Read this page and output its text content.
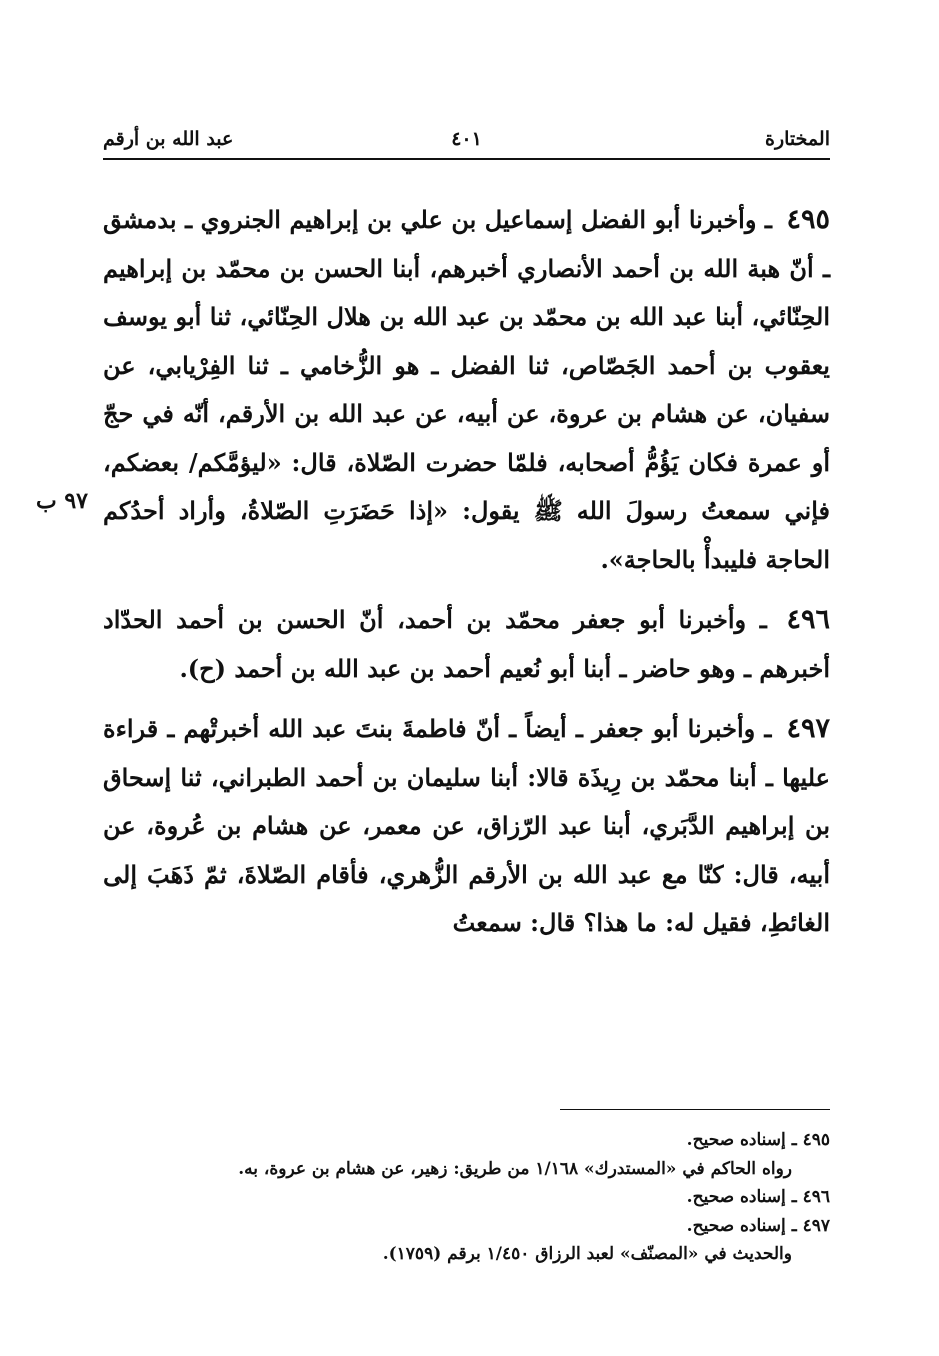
المختارة
٤٠١
عبد الله بن أرقم
٩٧ ب

٤٩٥ ـ وأخبرنا أبو الفضل إسماعيل بن علي بن إبراهيم الجنروي ـ بدمشق ـ أنّ هبة الله بن أحمد الأنصاري أخبرهم، أبنا الحسن بن محمّد بن إبراهيم الحِنّائي، أبنا عبد الله بن محمّد بن عبد الله بن هلال الحِنّائي، ثنا أبو يوسف يعقوب بن أحمد الجَصّاص، ثنا الفضل ـ هو الزُّخامي ـ ثنا الفِرْيابي، عن سفيان، عن هشام بن عروة، عن أبيه، عن عبد الله بن الأرقم، أنّه في حجّ أو عمرة فكان يَؤُمُّ أصحابه، فلمّا حضرت الصّلاة، قال: «ليؤمَّكم/ بعضكم، فإني سمعتُ رسولَ الله ﷺ يقول: «إذا حَضَرَتِ الصّلاةُ، وأراد أحدُكم الحاجة فليبدأْ بالحاجة».

٤٩٦ ـ وأخبرنا أبو جعفر محمّد بن أحمد، أنّ الحسن بن أحمد الحدّاد أخبرهم ـ وهو حاضر ـ أبنا أبو نُعيم أحمد بن عبد الله بن أحمد (ح).

٤٩٧ ـ وأخبرنا أبو جعفر ـ أيضاً ـ أنّ فاطمةَ بنتَ عبد الله أخبرتْهم ـ قراءة عليها ـ أبنا محمّد بن رِيذَة قالا: أبنا سليمان بن أحمد الطبراني، ثنا إسحاق بن إبراهيم الدَّبَري، أبنا عبد الرّزاق، عن معمر، عن هشام بن عُروة، عن أبيه، قال: كنّا مع عبد الله بن الأرقم الزُّهري، فأقام الصّلاةَ، ثمّ ذَهَبَ إلى الغائطِ، فقيل له: ما هذا؟ قال: سمعتُ

٤٩٥ ـ إسناده صحيح.

رواه الحاكم في «المستدرك» ١/١٦٨ من طريق: زهير، عن هشام بن عروة، به.

٤٩٦ ـ إسناده صحيح.

٤٩٧ ـ إسناده صحيح.

والحديث في «المصنّف» لعبد الرزاق ١/٤٥٠ برقم (١٧٥٩).
